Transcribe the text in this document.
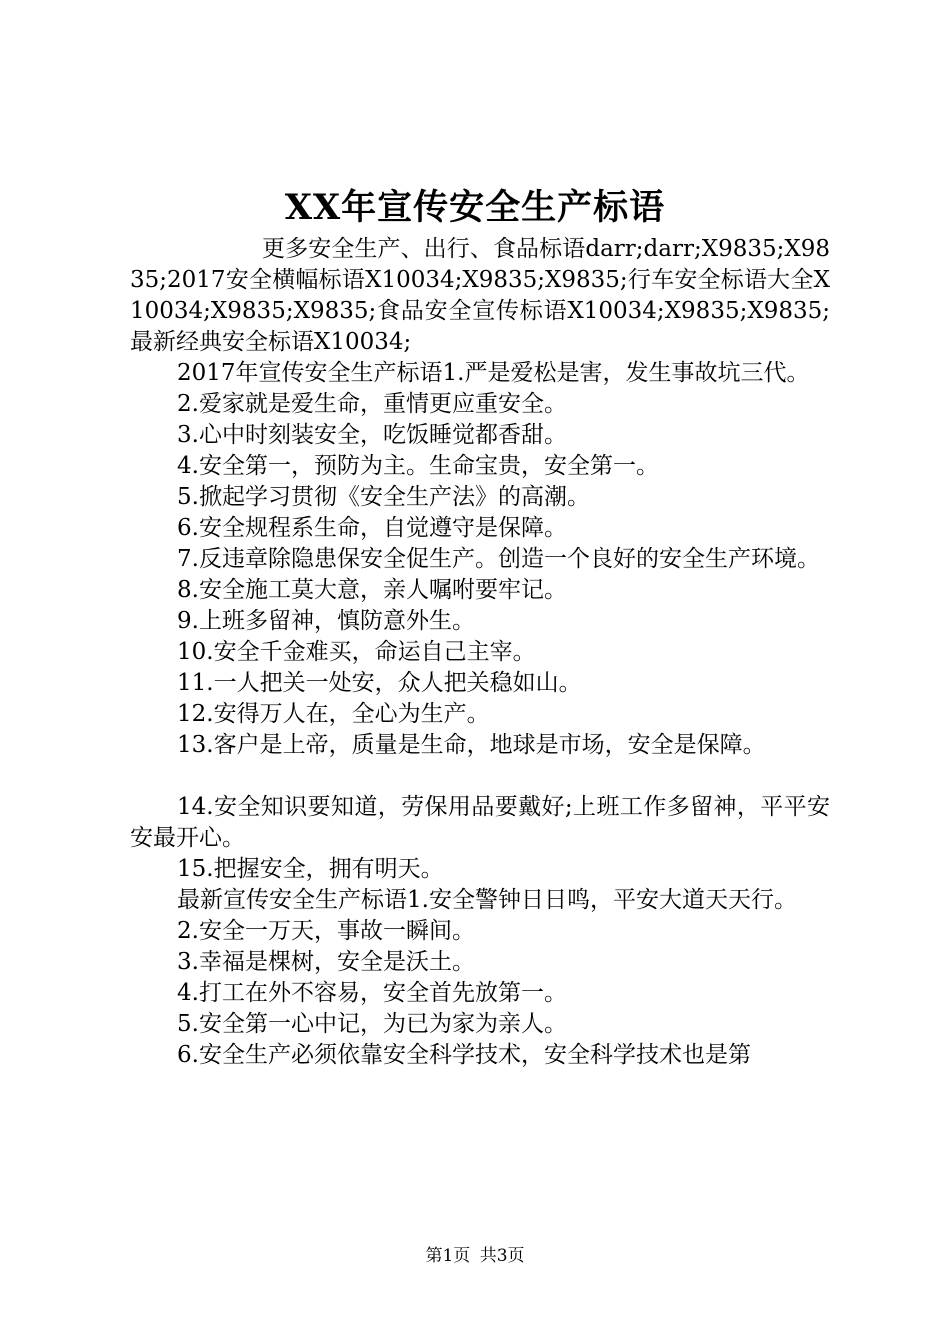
XX年宣传安全生产标语

更多安全生产、出行、食品标语darr;darr;X9835;X9835;2017安全横幅标语X10034;X9835;X9835;行车安全标语大全X10034;X9835;X9835;食品安全宣传标语X10034;X9835;X9835;最新经典安全标语X10034;

2017年宣传安全生产标语1.严是爱松是害，发生事故坑三代。

2.爱家就是爱生命，重情更应重安全。

3.心中时刻装安全，吃饭睡觉都香甜。

4.安全第一，预防为主。生命宝贵，安全第一。

5.掀起学习贯彻《安全生产法》的高潮。

6.安全规程系生命，自觉遵守是保障。

7.反违章除隐患保安全促生产。创造一个良好的安全生产环境。

8.安全施工莫大意，亲人嘱咐要牢记。

9.上班多留神，慎防意外生。

10.安全千金难买，命运自己主宰。

11.一人把关一处安，众人把关稳如山。

12.安得万人在，全心为生产。

13.客户是上帝，质量是生命，地球是市场，安全是保障。

14.安全知识要知道，劳保用品要戴好;上班工作多留神，平平安安最开心。

15.把握安全，拥有明天。

最新宣传安全生产标语1.安全警钟日日鸣，平安大道天天行。

2.安全一万天，事故一瞬间。

3.幸福是棵树，安全是沃土。

4.打工在外不容易，安全首先放第一。

5.安全第一心中记，为已为家为亲人。

6.安全生产必须依靠安全科学技术，安全科学技术也是第

第1页 共3页
